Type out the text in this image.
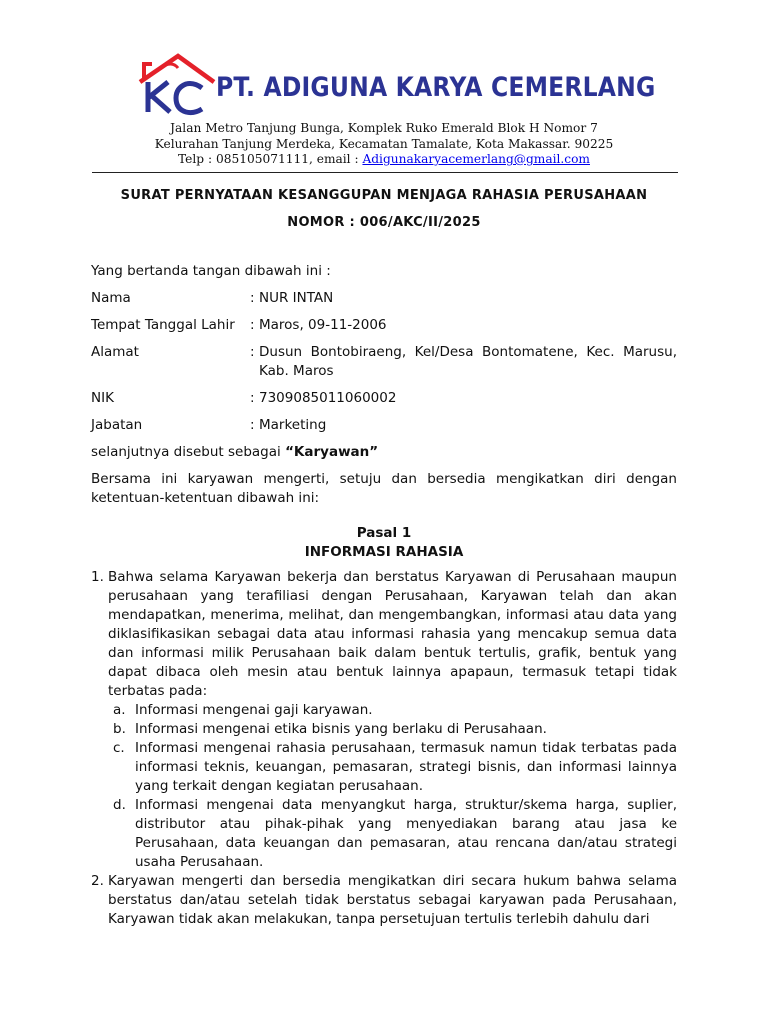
PT. ADIGUNA KARYA CEMERLANG
Jalan Metro Tanjung Bunga, Komplek Ruko Emerald Blok H Nomor 7
Kelurahan Tanjung Merdeka, Kecamatan Tamalate, Kota Makassar. 90225
Telp : 085105071111, email : Adigunakaryacemerlang@gmail.com
SURAT PERNYATAAN KESANGGUPAN MENJAGA RAHASIA PERUSAHAAN
NOMOR : 006/AKC/II/2025
Yang bertanda tangan dibawah ini :
Nama	: NUR INTAN
Tempat Tanggal Lahir	: Maros, 09-11-2006
Alamat	: Dusun Bontobiraeng, Kel/Desa Bontomatene, Kec. Marusu, Kab. Maros
NIK	: 7309085011060002
Jabatan	: Marketing
selanjutnya disebut sebagai “Karyawan”
Bersama ini karyawan mengerti, setuju dan bersedia mengikatkan diri dengan ketentuan-ketentuan dibawah ini:
Pasal 1
INFORMASI RAHASIA
1. Bahwa selama Karyawan bekerja dan berstatus Karyawan di Perusahaan maupun perusahaan yang terafiliasi dengan Perusahaan, Karyawan telah dan akan mendapatkan, menerima, melihat, dan mengembangkan, informasi atau data yang diklasifikasikan sebagai data atau informasi rahasia yang mencakup semua data dan informasi milik Perusahaan baik dalam bentuk tertulis, grafik, bentuk yang dapat dibaca oleh mesin atau bentuk lainnya apapaun, termasuk tetapi tidak terbatas pada:
a. Informasi mengenai gaji karyawan.
b. Informasi mengenai etika bisnis yang berlaku di Perusahaan.
c. Informasi mengenai rahasia perusahaan, termasuk namun tidak terbatas pada informasi teknis, keuangan, pemasaran, strategi bisnis, dan informasi lainnya yang terkait dengan kegiatan perusahaan.
d. Informasi mengenai data menyangkut harga, struktur/skema harga, suplier, distributor atau pihak-pihak yang menyediakan barang atau jasa ke Perusahaan, data keuangan dan pemasaran, atau rencana dan/atau strategi usaha Perusahaan.
2. Karyawan mengerti dan bersedia mengikatkan diri secara hukum bahwa selama berstatus dan/atau setelah tidak berstatus sebagai karyawan pada Perusahaan, Karyawan tidak akan melakukan, tanpa persetujuan tertulis terlebih dahulu dari
